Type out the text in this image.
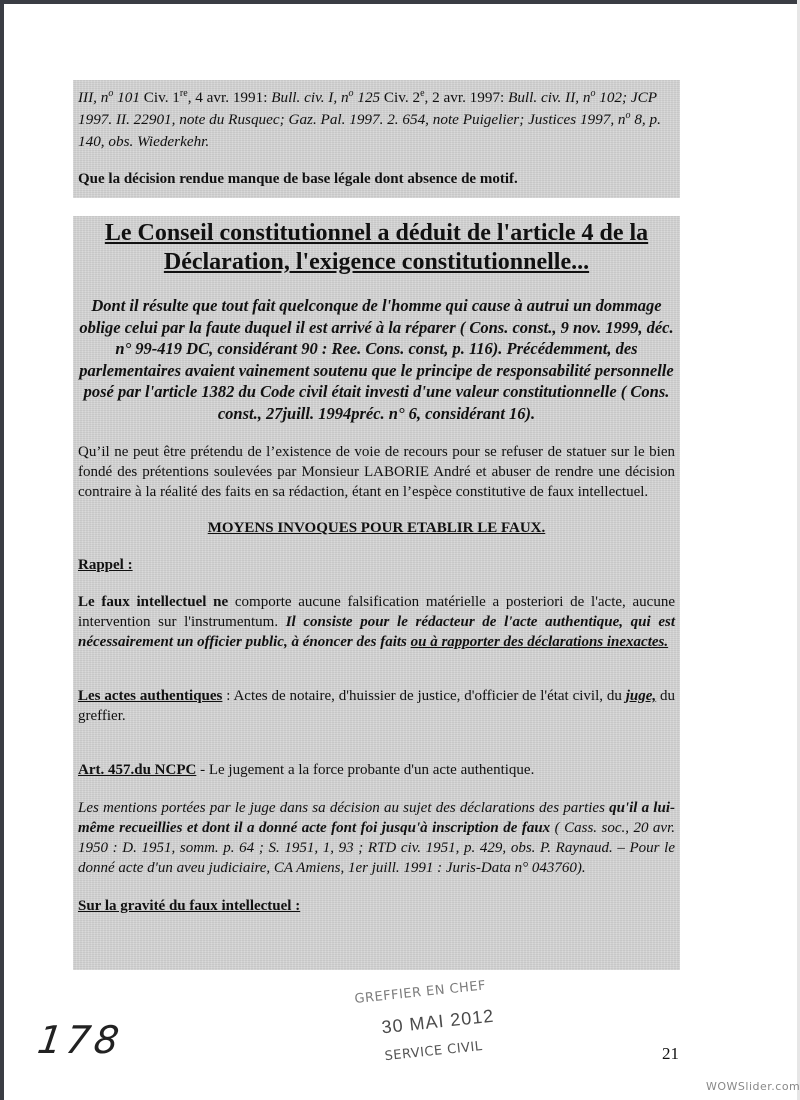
III, $n^o$ 101 Civ. 1re, 4 avr. 1991: Bull. civ. I, $n^o$ 125 Civ. 2e, 2 avr. 1997: Bull. civ. II, $n^o$ 102; JCP 1997. II. 22901, note du Rusquec; Gaz. Pal. 1997. 2. 654, note Puigelier; Justices 1997, $n^o$ 8, p. 140, obs. Wiederkehr.

Que la décision rendue manque de base légale dont absence de motif.

Le Conseil constitutionnel a déduit de l'article 4 de la Déclaration, l'exigence constitutionnelle...

Dont il résulte que tout fait quelconque de l'homme qui cause à autrui un dommage oblige celui par la faute duquel il est arrivé à la réparer ( Cons. const., 9 nov. 1999, déc. n° 99-419 DC, considérant 90 : Ree. Cons. const, p. 116). Précédemment, des parlementaires avaient vainement soutenu que le principe de responsabilité personnelle posé par l'article 1382 du Code civil était investi d'une valeur constitutionnelle ( Cons. const., 27juill. 1994préc. n° 6, considérant 16).

Qu’il ne peut être prétendu de l’existence de voie de recours pour se refuser de statuer sur le bien fondé des prétentions soulevées par Monsieur LABORIE André et abuser de rendre une décision contraire à la réalité des faits en sa rédaction, étant en l’espèce constitutive de faux intellectuel.

MOYENS INVOQUES POUR ETABLIR LE FAUX.

Rappel :

Le faux intellectuel ne comporte aucune falsification matérielle a posteriori de l'acte, aucune intervention sur l'instrumentum. Il consiste pour le rédacteur de l'acte authentique, qui est nécessairement un officier public, à énoncer des faits ou à rapporter des déclarations inexactes.

Les actes authentiques : Actes de notaire, d'huissier de justice, d'officier de l'état civil, du juge, du greffier.

Art. 457.du NCPC - Le jugement a la force probante d'un acte authentique.

Les mentions portées par le juge dans sa décision au sujet des déclarations des parties qu'il a lui-même recueillies et dont il a donné acte font foi jusqu'à inscription de faux ( Cass. soc., 20 avr. 1950 : D. 1951, somm. p. 64 ; S. 1951, 1, 93 ; RTD civ. 1951, p. 429, obs. P. Raynaud. – Pour le donné acte d'un aveu judiciaire, CA Amiens, 1er juill. 1991 : Juris-Data n° 043760).

Sur la gravité du faux intellectuel :

178
GREFFIER EN CHEF
30 MAI 2012
SERVICE CIVIL	21
WOWSlider.com
